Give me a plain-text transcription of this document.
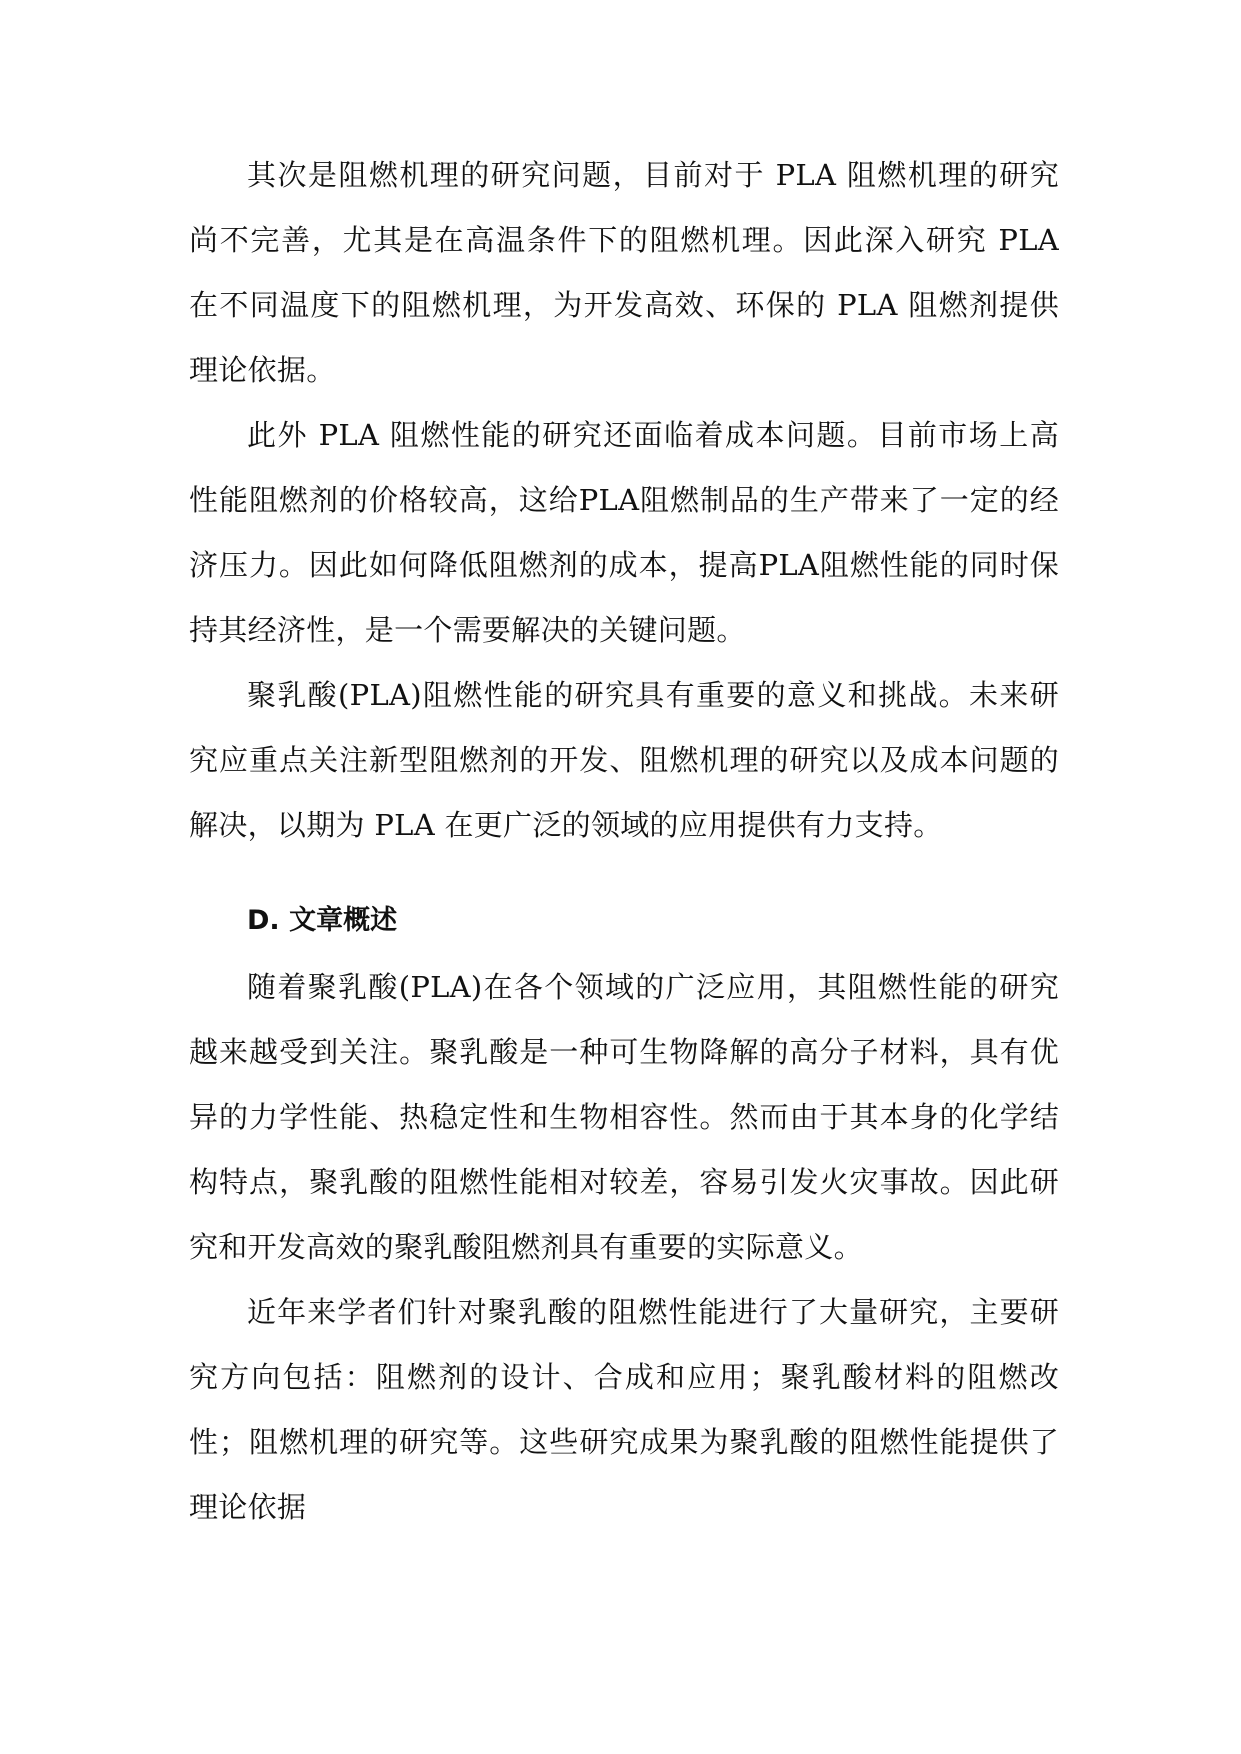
其次是阻燃机理的研究问题，目前对于 PLA 阻燃机理的研究尚不完善，尤其是在高温条件下的阻燃机理。因此深入研究 PLA 在不同温度下的阻燃机理，为开发高效、环保的 PLA 阻燃剂提供理论依据。

此外 PLA 阻燃性能的研究还面临着成本问题。目前市场上高性能阻燃剂的价格较高，这给PLA阻燃制品的生产带来了一定的经济压力。因此如何降低阻燃剂的成本，提高PLA阻燃性能的同时保持其经济性，是一个需要解决的关键问题。

聚乳酸(PLA)阻燃性能的研究具有重要的意义和挑战。未来研究应重点关注新型阻燃剂的开发、阻燃机理的研究以及成本问题的解决，以期为 PLA 在更广泛的领域的应用提供有力支持。

D. 文章概述

随着聚乳酸(PLA)在各个领域的广泛应用，其阻燃性能的研究越来越受到关注。聚乳酸是一种可生物降解的高分子材料，具有优异的力学性能、热稳定性和生物相容性。然而由于其本身的化学结构特点，聚乳酸的阻燃性能相对较差，容易引发火灾事故。因此研究和开发高效的聚乳酸阻燃剂具有重要的实际意义。

近年来学者们针对聚乳酸的阻燃性能进行了大量研究，主要研究方向包括：阻燃剂的设计、合成和应用；聚乳酸材料的阻燃改性；阻燃机理的研究等。这些研究成果为聚乳酸的阻燃性能提供了理论依据
